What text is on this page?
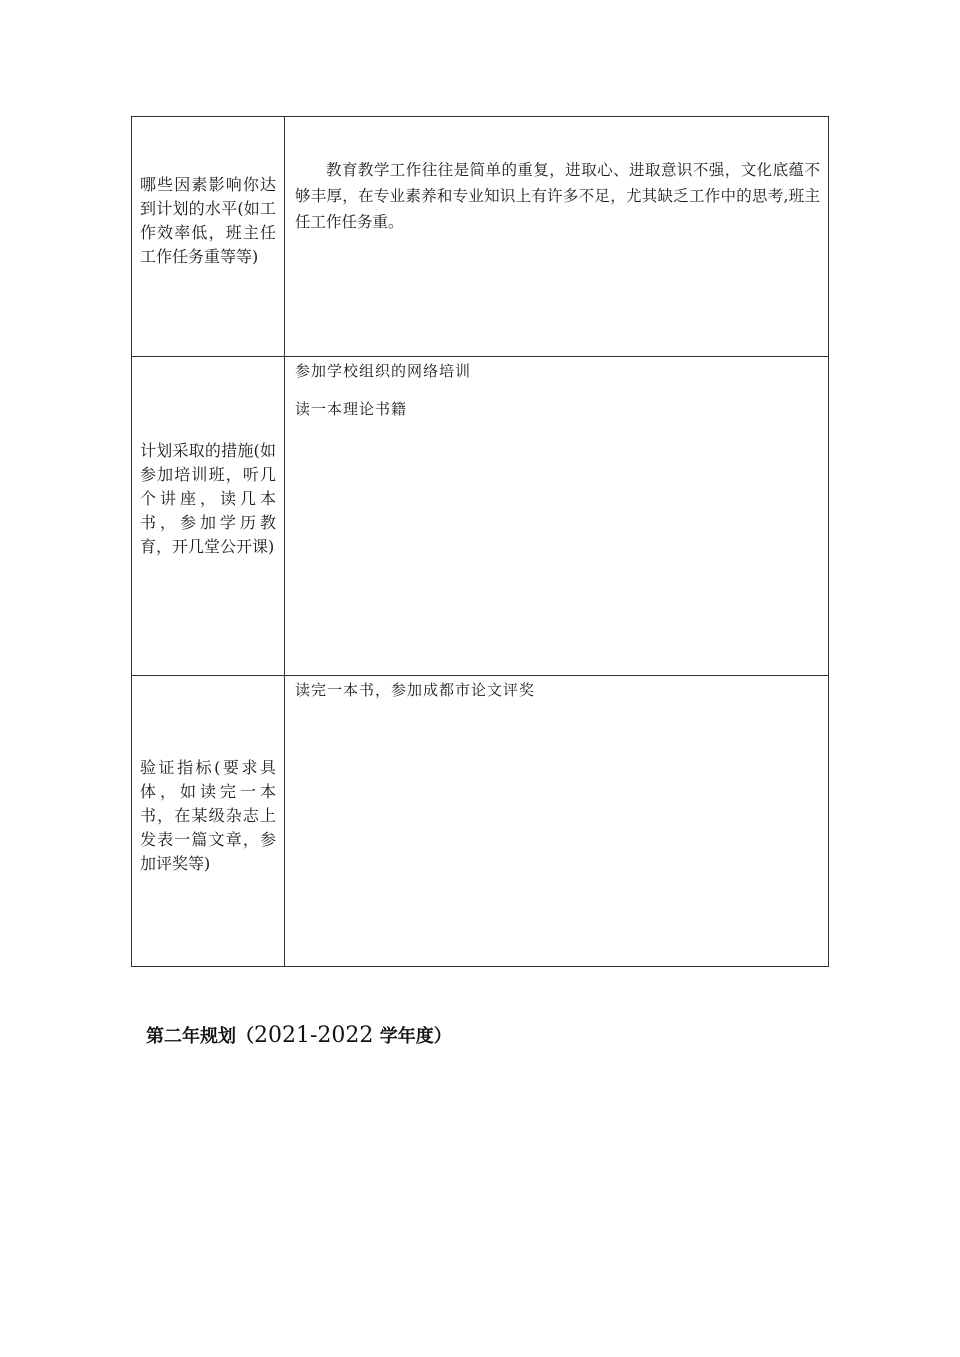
哪些因素影响你达到计划的水平(如工作效率低，班主任工作任务重等等)	教育教学工作往往是简单的重复，进取心、进取意识不强，文化底蕴不够丰厚，在专业素养和专业知识上有许多不足，尤其缺乏工作中的思考,班主任工作任务重。

计划采取的措施(如参加培训班，听几个讲座，读几本书，参加学历教育，开几堂公开课)	参加学校组织的网络培训

读一本理论书籍

验证指标(要求具体，如读完一本书，在某级杂志上发表一篇文章，参加评奖等)	读完一本书，参加成都市论文评奖

第二年规划（2021-2022 学年度）
